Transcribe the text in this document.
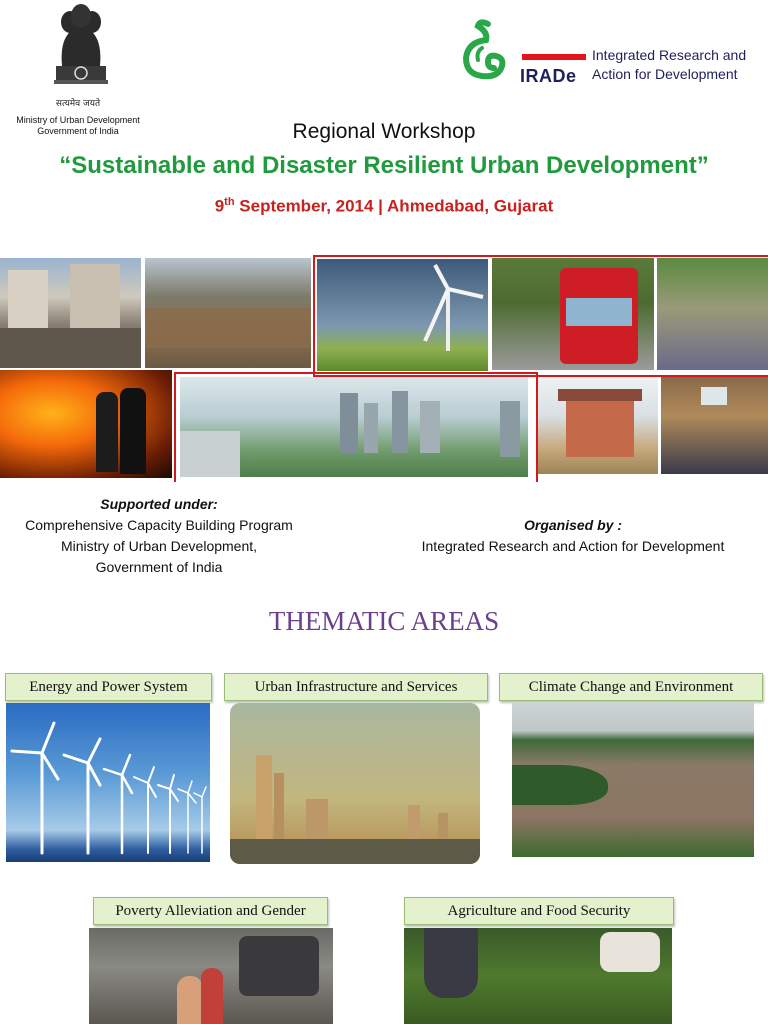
सत्यमेव जयते
Ministry of Urban Development
Government of India
IRADe
Integrated Research and
Action for Development
Regional Workshop
“Sustainable and Disaster Resilient Urban Development”
9th September, 2014 | Ahmedabad, Gujarat
Supported under:
Comprehensive Capacity Building Program
Ministry of Urban Development,
Government of India
Organised by :
Integrated Research and Action for Development
THEMATIC AREAS
Energy and Power System	Urban Infrastructure and Services	Climate Change and Environment
Poverty Alleviation and Gender	Agriculture and Food Security
